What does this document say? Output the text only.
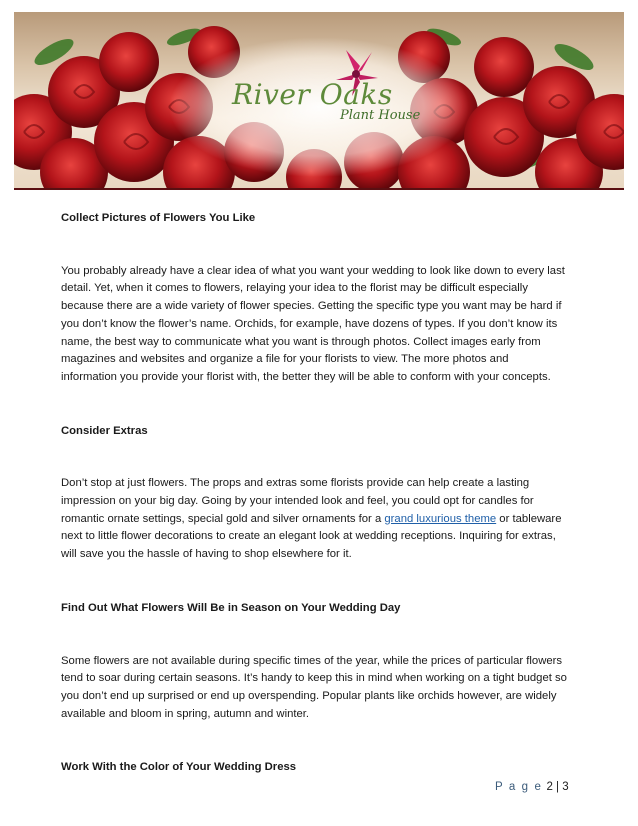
River Oaks
Plant House

Collect Pictures of Flowers You Like

You probably already have a clear idea of what you want your wedding to look like down to every last

detail. Yet, when it comes to flowers, relaying your idea to the florist may be difficult especially

because there are a wide variety of flower species. Getting the specific type you want may be hard if

you don’t know the flower’s name. Orchids, for example, have dozens of types. If you don’t know its

name, the best way to communicate what you want is through photos. Collect images early from

magazines and websites and organize a file for your florists to view. The more photos and

information you provide your florist with, the better they will be able to conform with your concepts.

Consider Extras

Don’t stop at just flowers. The props and extras some florists provide can help create a lasting

impression on your big day. Going by your intended look and feel, you could opt for candles for

romantic ornate settings, special gold and silver ornaments for a grand luxurious theme or tableware

next to little flower decorations to create an elegant look at wedding receptions. Inquiring for extras,

will save you the hassle of having to shop elsewhere for it.

Find Out What Flowers Will Be in Season on Your Wedding Day

Some flowers are not available during specific times of the year, while the prices of particular flowers

tend to soar during certain seasons. It’s handy to keep this in mind when working on a tight budget so

you don’t end up surprised or end up overspending. Popular plants like orchids however, are widely

available and bloom in spring, autumn and winter.

Work With the Color of Your Wedding Dress

P a g e 2 | 3
